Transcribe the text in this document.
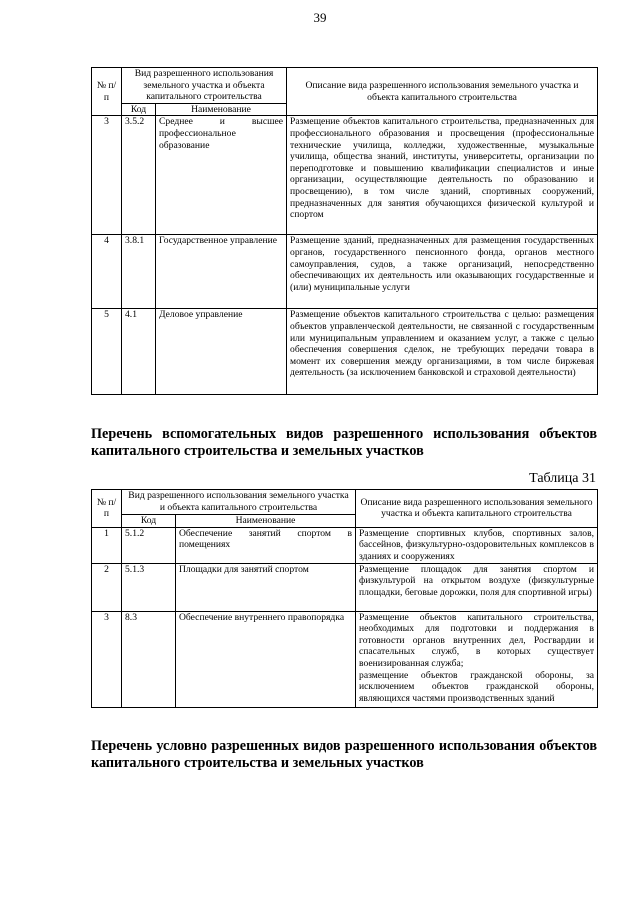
39
№ п/п	Вид разрешенного использования земельного участка и объекта капитального строительства		Описание вида разрешенного использования земельного участка и объекта капитального строительства
	Код	Наименование	
3	3.5.2	Среднее и высшее профессиональное образование	Размещение объектов капитального строительства, предназначенных для профессионального образования и просвещения (профессиональные технические училища, колледжи, художественные, музыкальные училища, общества знаний, институты, университеты, организации по переподготовке и повышению квалификации специалистов и иные организации, осуществляющие деятельность по образованию и просвещению), в том числе зданий, спортивных сооружений, предназначенных для занятия обучающихся физической культурой и спортом
4	3.8.1	Государственное управление	Размещение зданий, предназначенных для размещения государственных органов, государственного пенсионного фонда, органов местного самоуправления, судов, а также организаций, непосредственно обеспечивающих их деятельность или оказывающих государственные и (или) муниципальные услуги
5	4.1	Деловое управление	Размещение объектов капитального строительства с целью: размещения объектов управленческой деятельности, не связанной с государственным или муниципальным управлением и оказанием услуг, а также с целью обеспечения совершения сделок, не требующих передачи товара в момент их совершения между организациями, в том числе биржевая деятельность (за исключением банковской и страховой деятельности)
Перечень вспомогательных видов разрешенного использования объектов капитального строительства и земельных участков
Таблица 31
№ п/п	Вид разрешенного использования земельного участка и объекта капитального строительства		Описание вида разрешенного использования земельного участка и объекта капитального строительства
	Код	Наименование	
1	5.1.2	Обеспечение занятий спортом в помещениях	Размещение спортивных клубов, спортивных залов, бассейнов, физкультурно-оздоровительных комплексов в зданиях и сооружениях
2	5.1.3	Площадки для занятий спортом	Размещение площадок для занятия спортом и физкультурой на открытом воздухе (физкультурные площадки, беговые дорожки, поля для спортивной игры)
3	8.3	Обеспечение внутреннего правопорядка	Размещение объектов капитального строительства, необходимых для подготовки и поддержания в готовности органов внутренних дел, Росгвардии и спасательных служб, в которых существует военизированная служба;
размещение объектов гражданской обороны, за исключением объектов гражданской обороны, являющихся частями производственных зданий
Перечень условно разрешенных видов разрешенного использования объектов капитального строительства и земельных участков
